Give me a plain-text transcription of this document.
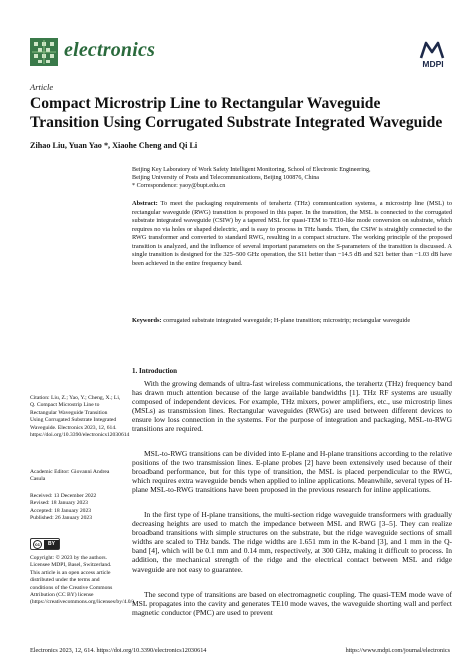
electronics
MDPI
Article
Compact Microstrip Line to Rectangular Waveguide Transition Using Corrugated Substrate Integrated Waveguide
Zihao Liu, Yuan Yao *, Xiaohe Cheng and Qi Li
Beijing Key Laboratory of Work Safety Intelligent Monitoring, School of Electronic Engineering,
Beijing University of Posts and Telecommunications, Beijing 100876, China
* Correspondence: yaoy@bupt.edu.cn
Abstract: To meet the packaging requirements of terahertz (THz) communication systems, a microstrip line (MSL) to rectangular waveguide (RWG) transition is proposed in this paper. In the transition, the MSL is connected to the corrugated substrate integrated waveguide (CSIW) by a tapered MSL for quasi-TEM to TE10-like mode conversion on substrate, which requires no via holes or shaped dielectric, and is easy to process in THz bands. Then, the CSIW is straightly connected to the RWG transformer and converted to standard RWG, resulting in a compact structure. The working principle of the proposed transition is analyzed, and the influence of several important parameters on the S-parameters of the transition is discussed. A single transition is designed for the 325–500 GHz operation, the S11 better than −14.5 dB and S21 better than −1.03 dB have been achieved in the entire frequency band.
Keywords: corrugated substrate integrated waveguide; H-plane transition; microstrip; rectangular waveguide
1. Introduction

With the growing demands of ultra-fast wireless communications, the terahertz (THz) frequency band has drawn much attention because of the large available bandwidths [1]. THz RF systems are usually composed of independent devices. For example, THz mixers, power amplifiers, etc., use microstrip lines (MSLs) as transmission lines. Rectangular waveguides (RWGs) are used between different devices to ensure low loss connection in the systems. For the purpose of integration and packaging, MSL-to-RWG transitions are required.

MSL-to-RWG transitions can be divided into E-plane and H-plane transitions according to the relative positions of the two transmission lines. E-plane probes [2] have been extensively used because of their broadband performance, but for this type of transition, the MSL is placed perpendicular to the RWG, which requires extra waveguide bends when applied to inline applications. Meanwhile, several types of H-plane MSL-to-RWG transitions have been proposed in the previous research for inline applications.

In the first type of H-plane transitions, the multi-section ridge waveguide transformers with gradually decreasing heights are used to match the impedance between MSL and RWG [3–5]. They can realize broadband transitions with simple structures on the substrate, but the ridge waveguide sections of small widths are scaled to THz bands. The ridge widths are 1.651 mm in the K-band [3], and 1 mm in the Q-band [4], which will be 0.1 mm and 0.14 mm, respectively, at 300 GHz, making it difficult to process. In addition, the mechanical strength of the ridge and the electrical contact between MSL and ridge waveguide are not easy to guarantee.

The second type of transitions are based on electromagnetic coupling. The quasi-TEM mode wave of MSL propagates into the cavity and generates TE10 mode waves, the waveguide shorting wall and perfect magnetic conductor (PMC) are used to prevent

Citation: Liu, Z.; Yao, Y.; Cheng, X.; Li, Q. Compact Microstrip Line to Rectangular Waveguide Transition Using Corrugated Substrate Integrated Waveguide. Electronics 2023, 12, 614. https://doi.org/10.3390/electronics12030614
Academic Editor: Giovanni Andrea Casula
Received: 13 December 2022
Revised: 18 January 2023
Accepted: 18 January 2023
Published: 26 January 2023
cc	BY
Copyright: © 2023 by the authors. Licensee MDPI, Basel, Switzerland. This article is an open access article distributed under the terms and conditions of the Creative Commons Attribution (CC BY) license (https://creativecommons.org/licenses/by/4.0/).
Electronics 2023, 12, 614. https://doi.org/10.3390/electronics12030614	https://www.mdpi.com/journal/electronics
